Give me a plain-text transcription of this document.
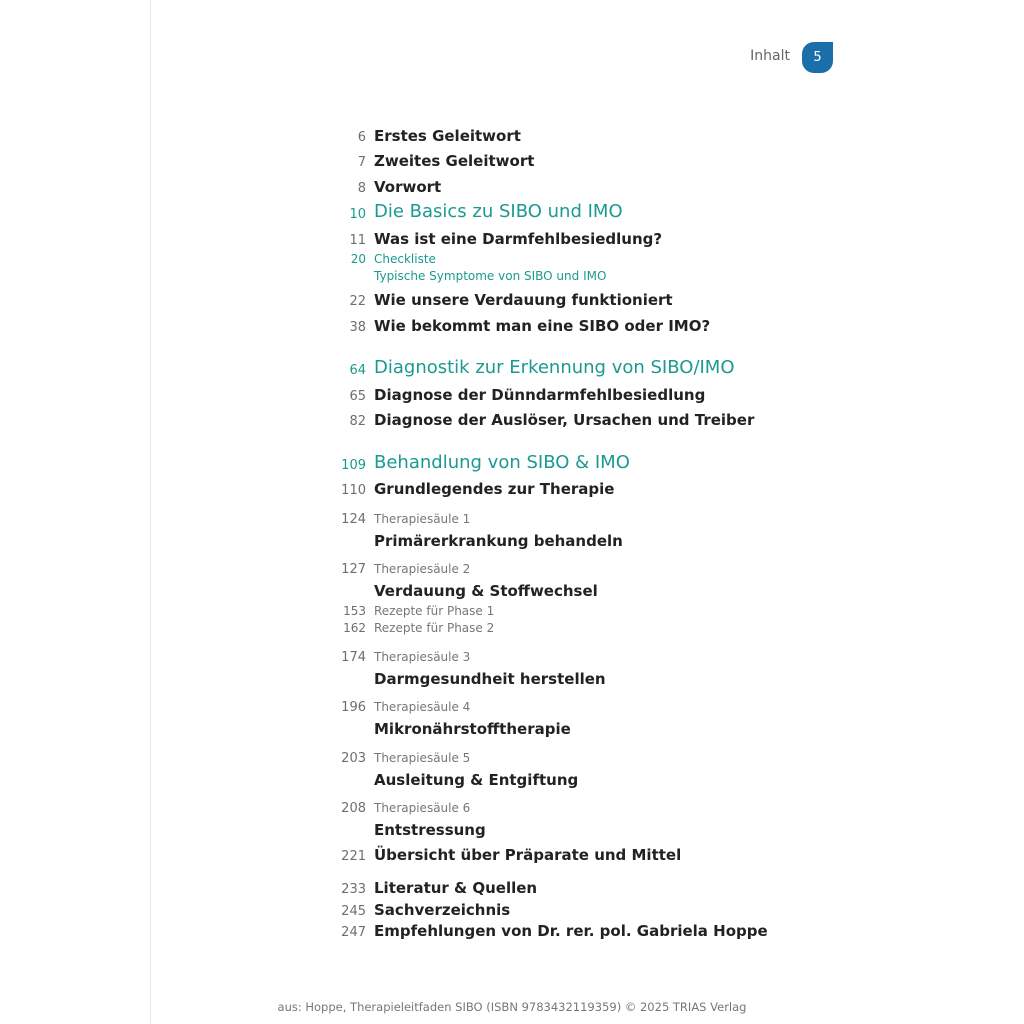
Inhalt	5
6 Erstes Geleitwort
7 Zweites Geleitwort
8 Vorwort
10 Die Basics zu SIBO und IMO
11 Was ist eine Darmfehlbesiedlung?
20 Checkliste
Typische Symptome von SIBO und IMO
22 Wie unsere Verdauung funktioniert
38 Wie bekommt man eine SIBO oder IMO?
64 Diagnostik zur Erkennung von SIBO/IMO
65 Diagnose der Dünndarmfehlbesiedlung
82 Diagnose der Auslöser, Ursachen und Treiber
109 Behandlung von SIBO & IMO
110 Grundlegendes zur Therapie
124 Therapiesäule 1
Primärerkrankung behandeln
127 Therapiesäule 2
Verdauung & Stoffwechsel
153 Rezepte für Phase 1
162 Rezepte für Phase 2
174 Therapiesäule 3
Darmgesundheit herstellen
196 Therapiesäule 4
Mikronährstofftherapie
203 Therapiesäule 5
Ausleitung & Entgiftung
208 Therapiesäule 6
Entstressung
221 Übersicht über Präparate und Mittel
233 Literatur & Quellen
245 Sachverzeichnis
247 Empfehlungen von Dr. rer. pol. Gabriela Hoppe
aus: Hoppe, Therapieleitfaden SIBO (ISBN 9783432119359) © 2025 TRIAS Verlag
